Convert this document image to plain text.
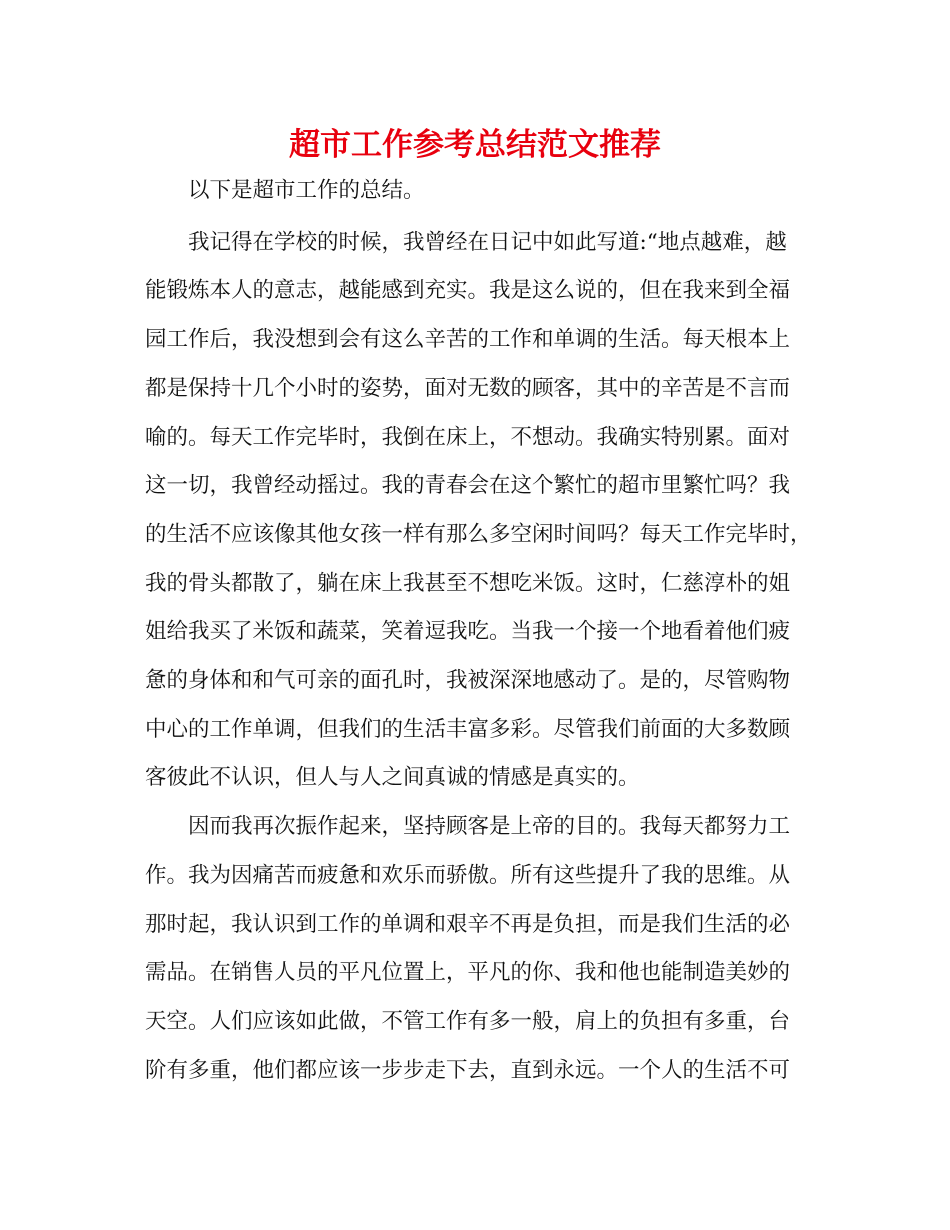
超市工作参考总结范文推荐

以下是超市工作的总结。

我记得在学校的时候，我曾经在日记中如此写道:“地点越难，越

能锻炼本人的意志，越能感到充实。我是这么说的，但在我来到全福

园工作后，我没想到会有这么辛苦的工作和单调的生活。每天根本上

都是保持十几个小时的姿势，面对无数的顾客，其中的辛苦是不言而

喻的。每天工作完毕时，我倒在床上，不想动。我确实特别累。面对

这一切，我曾经动摇过。我的青春会在这个繁忙的超市里繁忙吗？我

的生活不应该像其他女孩一样有那么多空闲时间吗？每天工作完毕时，

我的骨头都散了，躺在床上我甚至不想吃米饭。这时，仁慈淳朴的姐

姐给我买了米饭和蔬菜，笑着逗我吃。当我一个接一个地看着他们疲

惫的身体和和气可亲的面孔时，我被深深地感动了。是的，尽管购物

中心的工作单调，但我们的生活丰富多彩。尽管我们前面的大多数顾

客彼此不认识，但人与人之间真诚的情感是真实的。

因而我再次振作起来，坚持顾客是上帝的目的。我每天都努力工

作。我为因痛苦而疲惫和欢乐而骄傲。所有这些提升了我的思维。从

那时起，我认识到工作的单调和艰辛不再是负担，而是我们生活的必

需品。在销售人员的平凡位置上，平凡的你、我和他也能制造美妙的

天空。人们应该如此做，不管工作有多一般，肩上的负担有多重，台

阶有多重，他们都应该一步步走下去，直到永远。一个人的生活不可
